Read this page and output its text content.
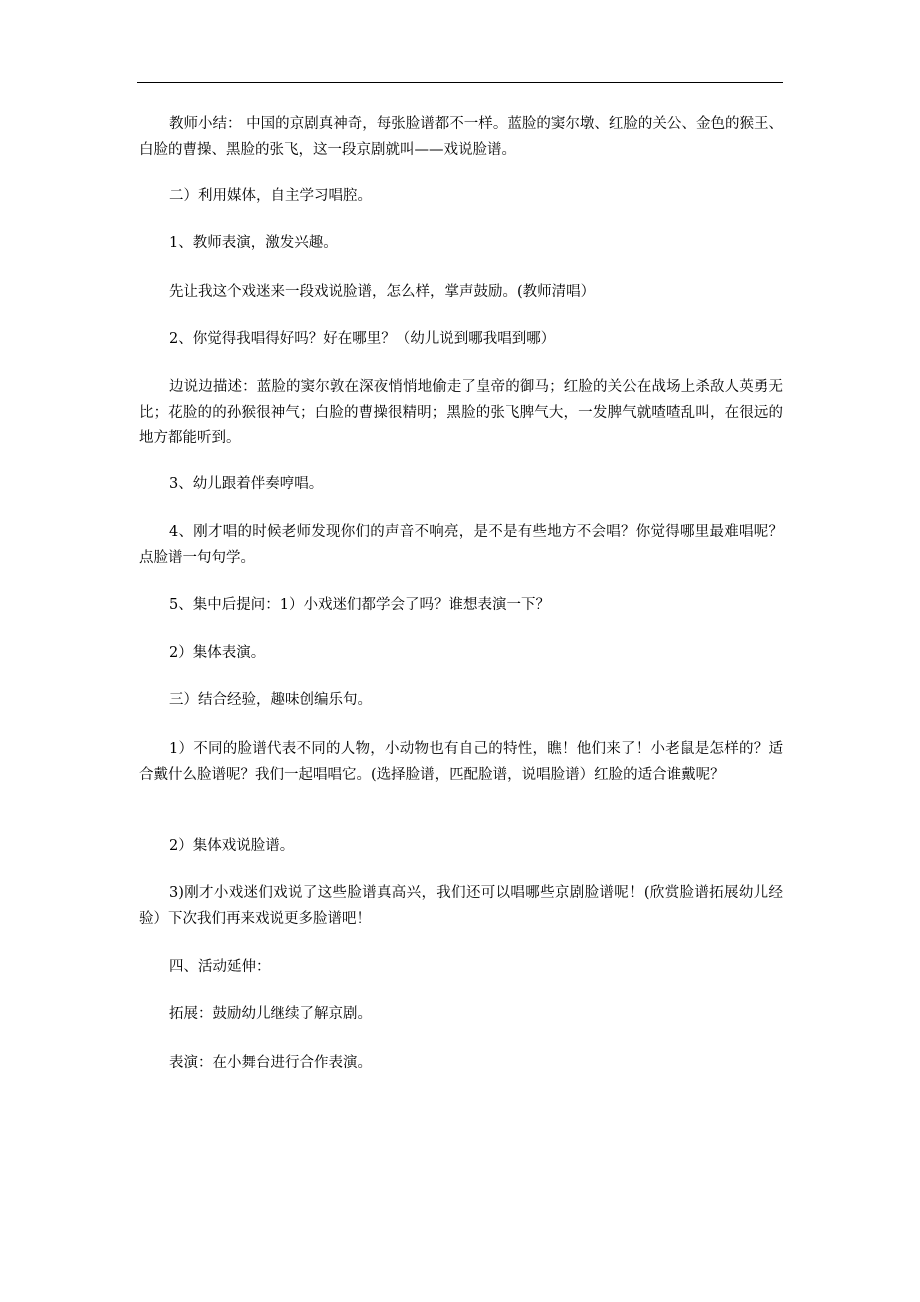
教师小结： 中国的京剧真神奇，每张脸谱都不一样。蓝脸的窦尔墩、红脸的关公、金色的猴王、白脸的曹操、黑脸的张飞，这一段京剧就叫——戏说脸谱。

二）利用媒体，自主学习唱腔。

1、教师表演，激发兴趣。

先让我这个戏迷来一段戏说脸谱，怎么样，掌声鼓励。(教师清唱）

2、你觉得我唱得好吗？好在哪里？（幼儿说到哪我唱到哪）

边说边描述：蓝脸的窦尔敦在深夜悄悄地偷走了皇帝的御马；红脸的关公在战场上杀敌人英勇无比；花脸的的孙猴很神气；白脸的曹操很精明；黑脸的张飞脾气大，一发脾气就喳喳乱叫，在很远的地方都能听到。

3、幼儿跟着伴奏哼唱。

4、刚才唱的时候老师发现你们的声音不响亮，是不是有些地方不会唱？你觉得哪里最难唱呢？点脸谱一句句学。

5、集中后提问：1）小戏迷们都学会了吗？谁想表演一下？

2）集体表演。

三）结合经验，趣味创编乐句。

1）不同的脸谱代表不同的人物，小动物也有自己的特性，瞧！他们来了！小老鼠是怎样的？适合戴什么脸谱呢？我们一起唱唱它。(选择脸谱，匹配脸谱，说唱脸谱）红脸的适合谁戴呢？

2）集体戏说脸谱。

3)刚才小戏迷们戏说了这些脸谱真高兴，我们还可以唱哪些京剧脸谱呢！(欣赏脸谱拓展幼儿经验）下次我们再来戏说更多脸谱吧！

四、活动延伸：

拓展：鼓励幼儿继续了解京剧。

表演：在小舞台进行合作表演。
